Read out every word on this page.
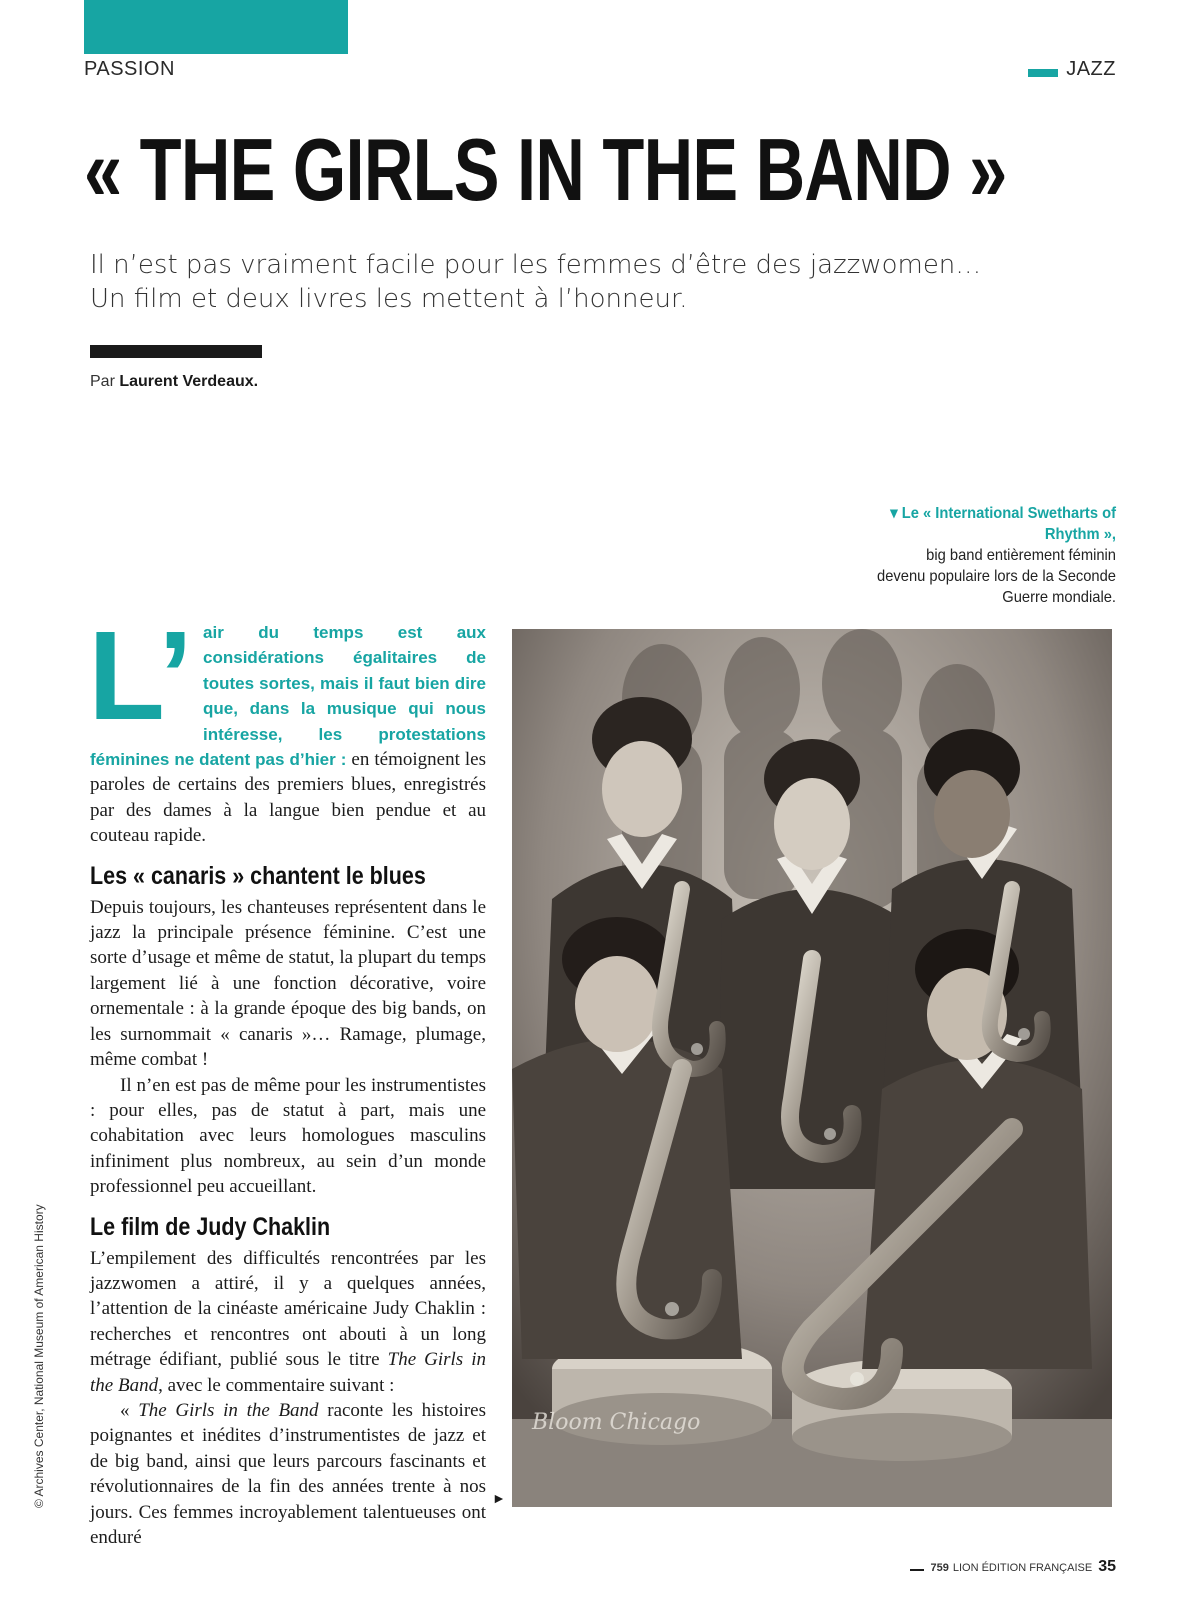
PASSION	JAZZ
« THE GIRLS IN THE BAND »
Il n’est pas vraiment facile pour les femmes d’être des jazzwomen…
Un film et deux livres les mettent à l’honneur.
Par Laurent Verdeaux.
▾ Le « International Swetharts of Rhythm »,
big band entièrement féminin devenu populaire lors de la Seconde Guerre mondiale.
Bloom Chicago
L’ air du temps est aux considérations égalitaires de toutes sortes, mais il faut bien dire que, dans la musique qui nous intéresse, les protestations féminines ne datent pas d’hier : en témoignent les paroles de certains des premiers blues, enregistrés par des dames à la langue bien pendue et au couteau rapide.

Les « canaris » chantent le blues

Depuis toujours, les chanteuses représentent dans le jazz la principale présence féminine. C’est une sorte d’usage et même de statut, la plupart du temps largement lié à une fonction décorative, voire ornementale : à la grande époque des big bands, on les surnommait « canaris »… Ramage, plumage, même combat !

Il n’en est pas de même pour les instrumentistes : pour elles, pas de statut à part, mais une cohabitation avec leurs homologues masculins infiniment plus nombreux, au sein d’un monde professionnel peu accueillant.

Le film de Judy Chaklin

L’empilement des difficultés rencontrées par les jazzwomen a attiré, il y a quelques années, l’attention de la cinéaste américaine Judy Chaklin : recherches et rencontres ont abouti à un long métrage édifiant, publié sous le titre The Girls in the Band, avec le commentaire suivant :

« The Girls in the Band raconte les histoires poignantes et inédites d’instrumentistes de jazz et de big band, ainsi que leurs parcours fascinants et révolutionnaires de la fin des années trente à nos jours. Ces femmes incroyablement talentueuses ont enduré

►
© Archives Center, National Museum of American History
759 LION ÉDITION FRANÇAISE 35
